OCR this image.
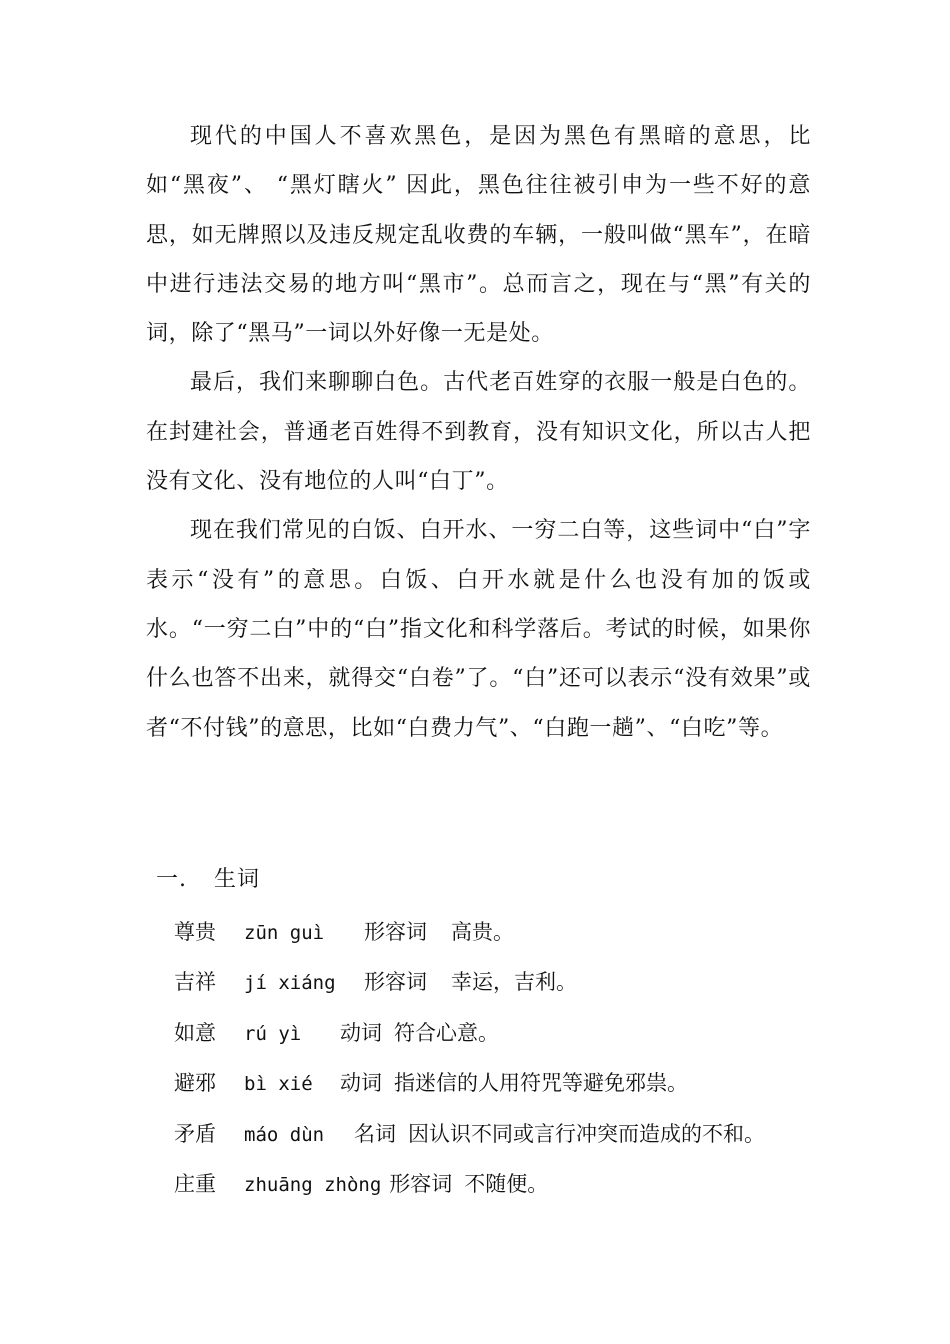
现代的中国人不喜欢黑色，是因为黑色有黑暗的意思，比如“黑夜”、 “黑灯瞎火” 因此，黑色往往被引申为一些不好的意思，如无牌照以及违反规定乱收费的车辆，一般叫做“黑车”，在暗中进行违法交易的地方叫“黑市”。总而言之，现在与“黑”有关的词，除了“黑马”一词以外好像一无是处。

最后，我们来聊聊白色。古代老百姓穿的衣服一般是白色的。在封建社会，普通老百姓得不到教育，没有知识文化，所以古人把没有文化、没有地位的人叫“白丁”。

现在我们常见的白饭、白开水、一穷二白等，这些词中“白”字表示“没有”的意思。白饭、白开水就是什么也没有加的饭或水。“一穷二白”中的“白”指文化和科学落后。考试的时候，如果你什么也答不出来，就得交“白卷”了。“白”还可以表示“没有效果”或者“不付钱”的意思，比如“白费力气”、“白跑一趟”、“白吃”等。

一. 生词
尊贵 zūn guì 形容词 高贵。
吉祥 jí xiáng 形容词 幸运，吉利。
如意 rú yì 动词 符合心意。
避邪 bì xié 动词 指迷信的人用符咒等避免邪祟。
矛盾 máo dùn 名词 因认识不同或言行冲突而造成的不和。
庄重 zhuāng zhòng 形容词 不随便。
